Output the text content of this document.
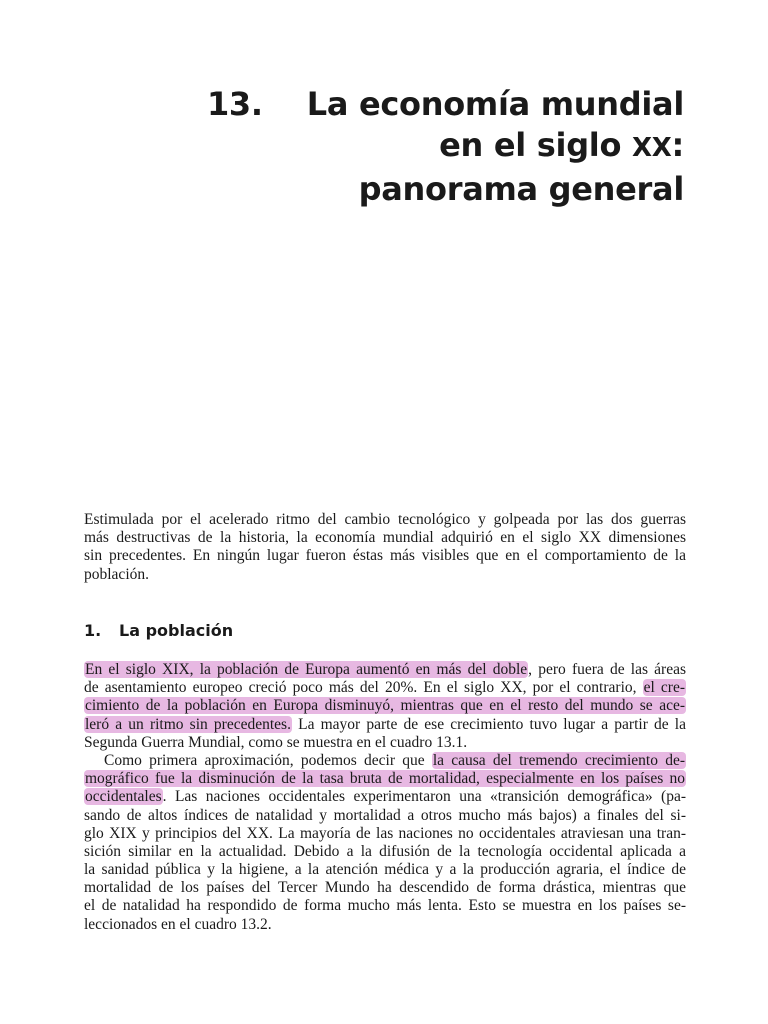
13. La economía mundial
en el siglo XX:
panorama general
Estimulada por el acelerado ritmo del cambio tecnológico y golpeada por las dos guerras
más destructivas de la historia, la economía mundial adquirió en el siglo XX dimensiones
sin precedentes. En ningún lugar fueron éstas más visibles que en el comportamiento de la
población.
1. La población
En el siglo XIX, la población de Europa aumentó en más del doble, pero fuera de las áreas
de asentamiento europeo creció poco más del 20%. En el siglo XX, por el contrario, el cre-
cimiento de la población en Europa disminuyó, mientras que en el resto del mundo se ace-
leró a un ritmo sin precedentes. La mayor parte de ese crecimiento tuvo lugar a partir de la
Segunda Guerra Mundial, como se muestra en el cuadro 13.1.
Como primera aproximación, podemos decir que la causa del tremendo crecimiento de-
mográfico fue la disminución de la tasa bruta de mortalidad, especialmente en los países no
occidentales. Las naciones occidentales experimentaron una «transición demográfica» (pa-
sando de altos índices de natalidad y mortalidad a otros mucho más bajos) a finales del si-
glo XIX y principios del XX. La mayoría de las naciones no occidentales atraviesan una tran-
sición similar en la actualidad. Debido a la difusión de la tecnología occidental aplicada a
la sanidad pública y la higiene, a la atención médica y a la producción agraria, el índice de
mortalidad de los países del Tercer Mundo ha descendido de forma drástica, mientras que
el de natalidad ha respondido de forma mucho más lenta. Esto se muestra en los países se-
leccionados en el cuadro 13.2.
